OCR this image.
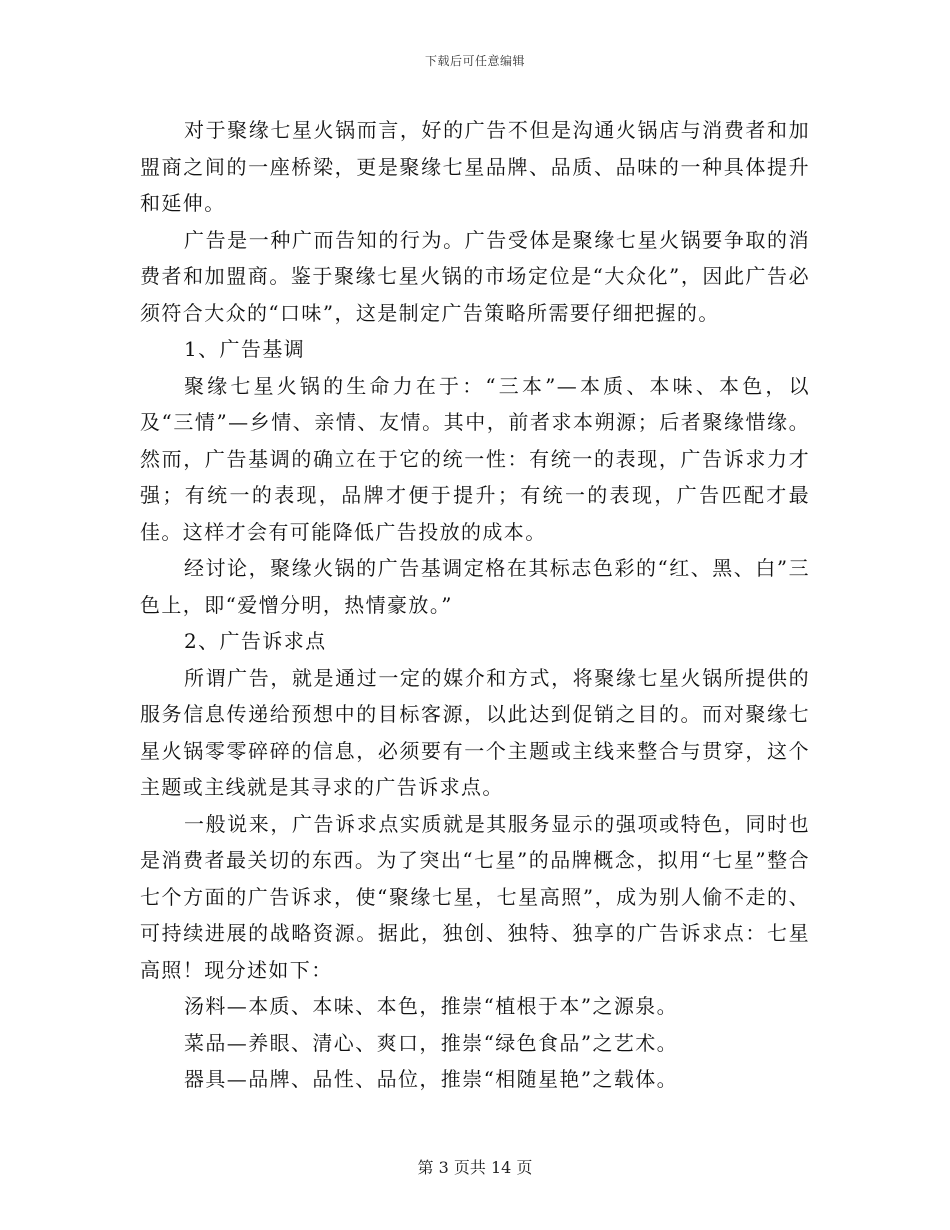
下载后可任意编辑

对于聚缘七星火锅而言，好的广告不但是沟通火锅店与消费者和加盟商之间的一座桥梁，更是聚缘七星品牌、品质、品味的一种具体提升和延伸。

广告是一种广而告知的行为。广告受体是聚缘七星火锅要争取的消费者和加盟商。鉴于聚缘七星火锅的市场定位是“大众化”，因此广告必须符合大众的“口味”，这是制定广告策略所需要仔细把握的。

1、广告基调

聚缘七星火锅的生命力在于：“三本”—本质、本味、本色，以及“三情”—乡情、亲情、友情。其中，前者求本朔源；后者聚缘惜缘。然而，广告基调的确立在于它的统一性：有统一的表现，广告诉求力才强；有统一的表现，品牌才便于提升；有统一的表现，广告匹配才最佳。这样才会有可能降低广告投放的成本。

经讨论，聚缘火锅的广告基调定格在其标志色彩的“红、黑、白”三色上，即“爱憎分明，热情豪放。”

2、广告诉求点

所谓广告，就是通过一定的媒介和方式，将聚缘七星火锅所提供的服务信息传递给预想中的目标客源，以此达到促销之目的。而对聚缘七星火锅零零碎碎的信息，必须要有一个主题或主线来整合与贯穿，这个主题或主线就是其寻求的广告诉求点。

一般说来，广告诉求点实质就是其服务显示的强项或特色，同时也是消费者最关切的东西。为了突出“七星”的品牌概念，拟用“七星”整合七个方面的广告诉求，使“聚缘七星，七星高照”，成为别人偷不走的、可持续进展的战略资源。据此，独创、独特、独享的广告诉求点：七星高照！现分述如下：

汤料—本质、本味、本色，推崇“植根于本”之源泉。

菜品—养眼、清心、爽口，推崇“绿色食品”之艺术。

器具—品牌、品性、品位，推崇“相随星艳”之载体。

第 3 页共 14 页
